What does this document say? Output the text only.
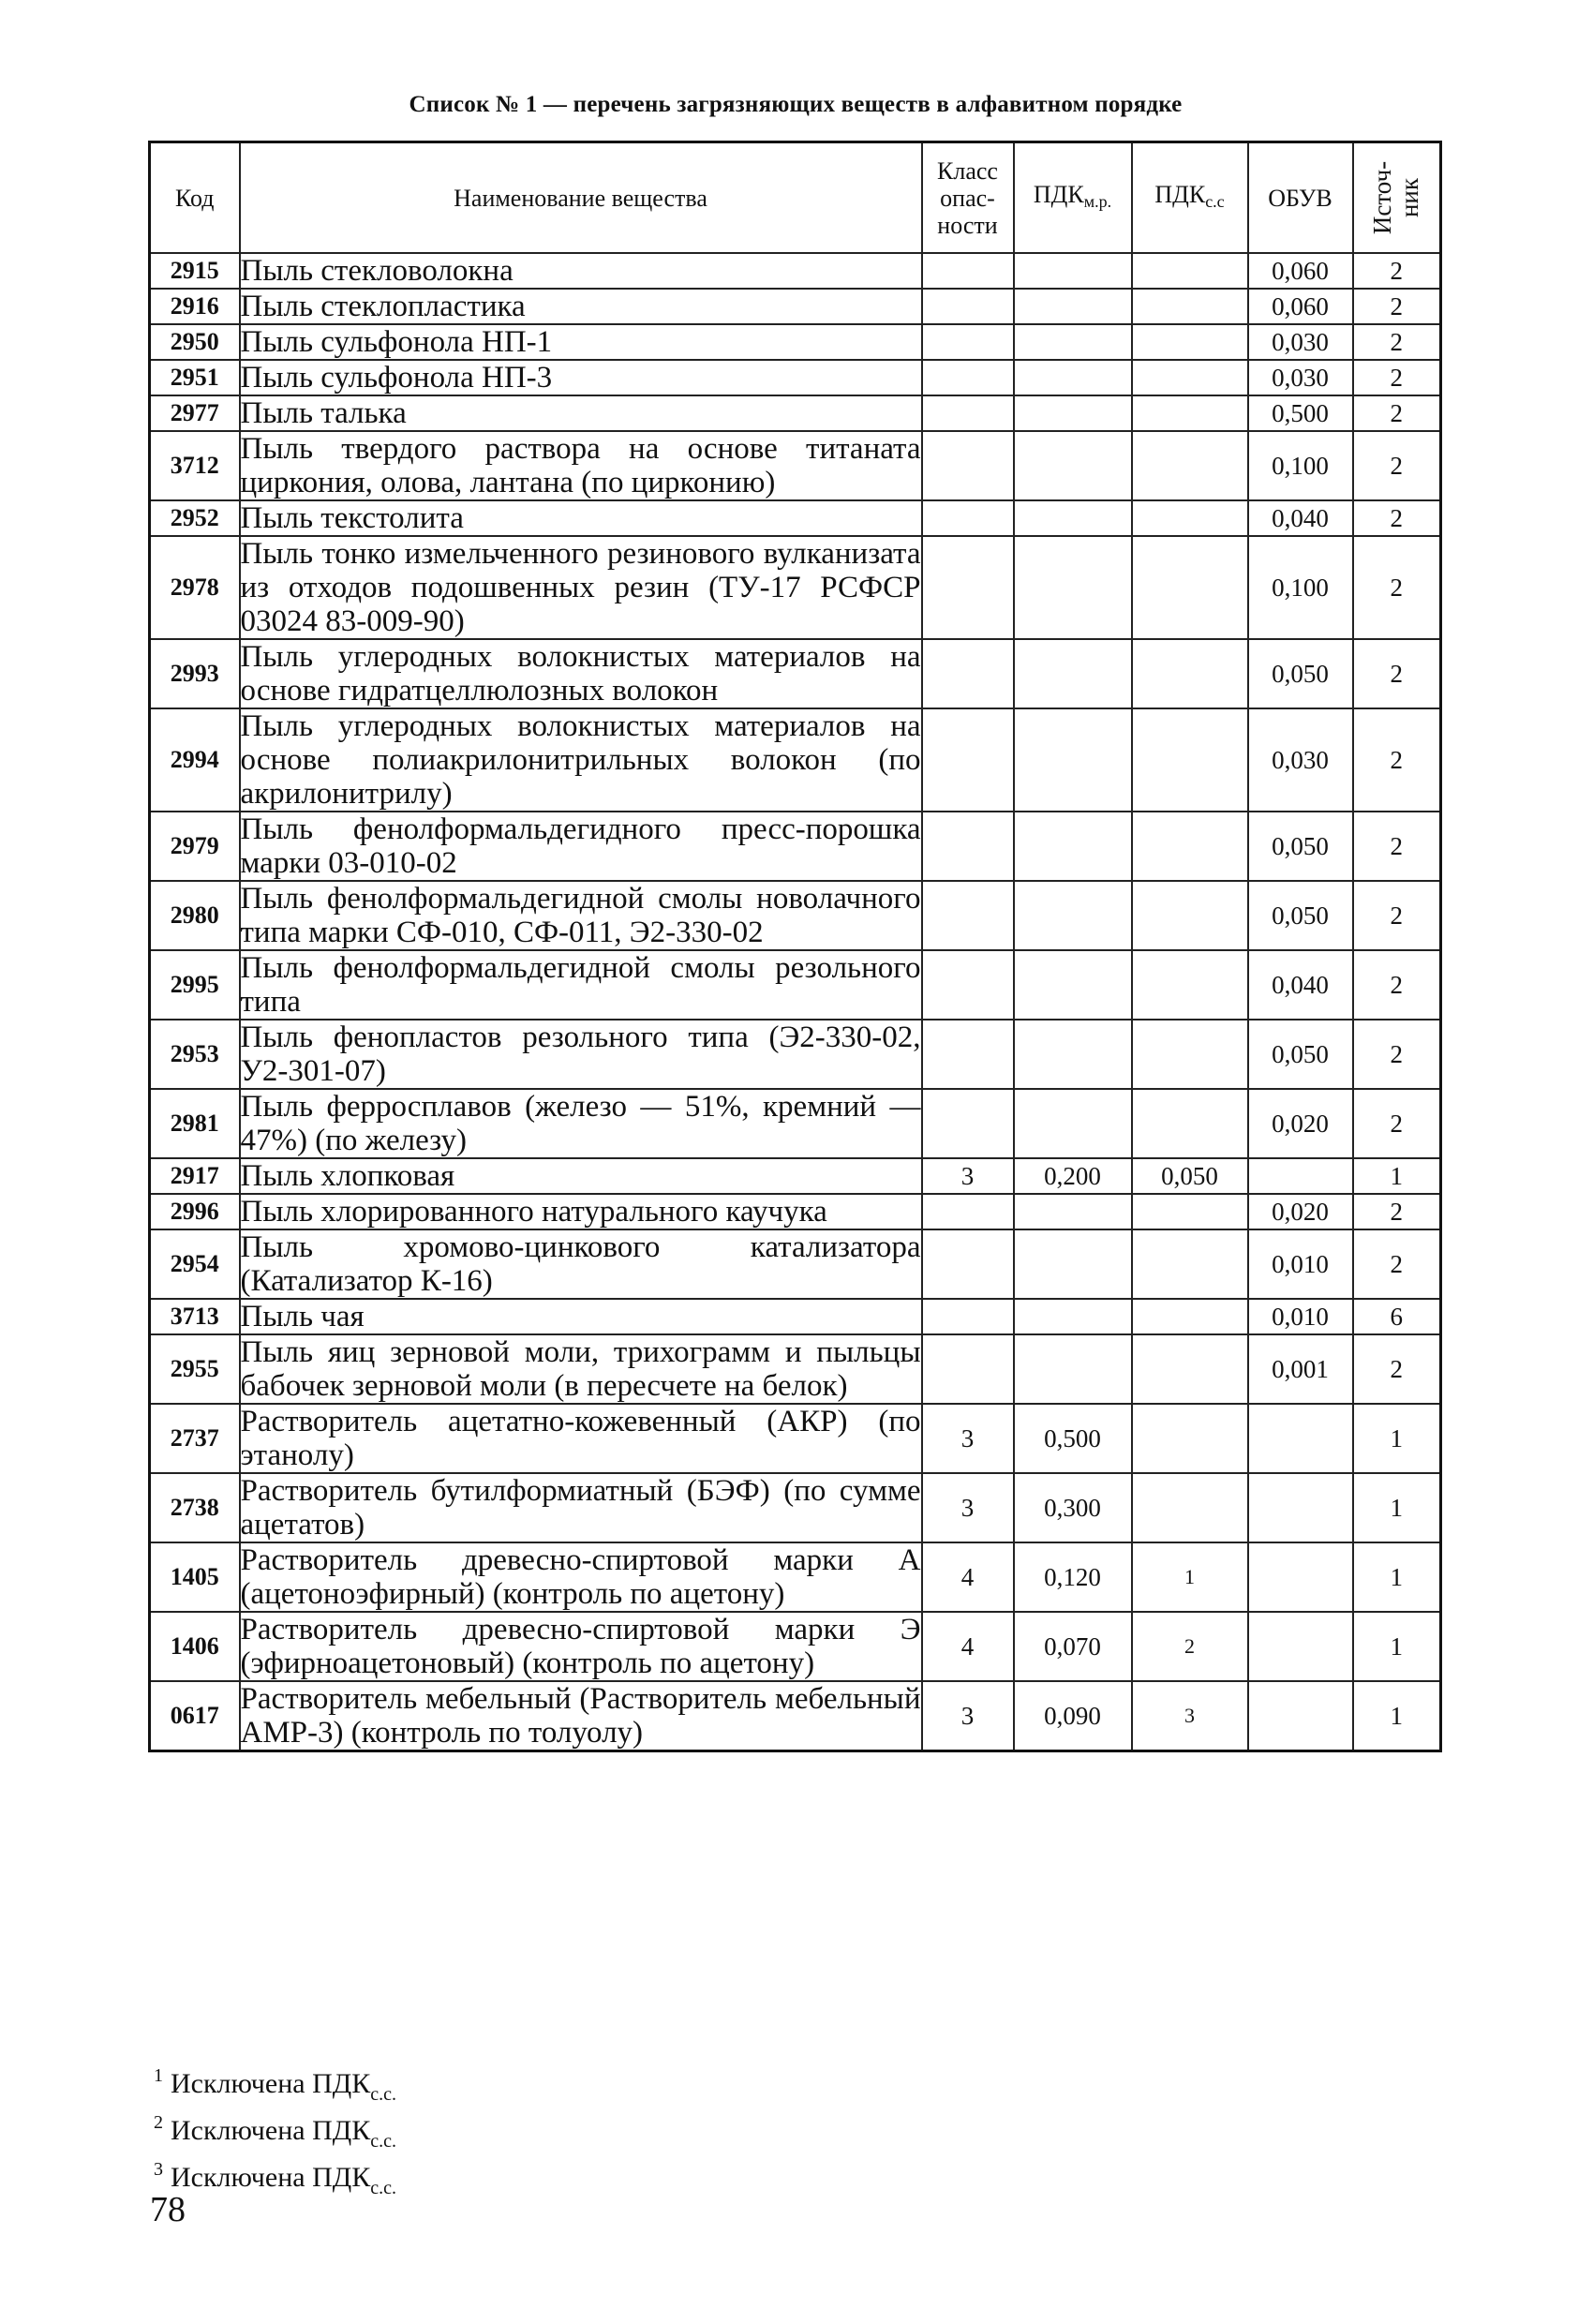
Список № 1 — перечень загрязняющих веществ в алфавитном порядке
Код	Наименование вещества	Класс
опас-
ности	$ПДК_{м.р.}$	$ПДК_{с.с}$	ОБУВ	Источ-
ник
2915	Пыль стекловолокна				0,060	2
2916	Пыль стеклопластика				0,060	2
2950	Пыль сульфонола НП-1				0,030	2
2951	Пыль сульфонола НП-3				0,030	2
2977	Пыль талька				0,500	2
3712	Пыль твердого раствора на основе титаната циркония, олова, лантана (по цирконию)				0,100	2
2952	Пыль текстолита				0,040	2
2978	Пыль тонко измельченного резинового вулканизата из отходов подошвенных резин (ТУ-17 РСФСР 03024 83-009-90)				0,100	2
2993	Пыль углеродных волокнистых материалов на основе гидратцеллюлозных волокон				0,050	2
2994	Пыль углеродных волокнистых материалов на основе полиакрилонитрильных волокон (по акрилонитрилу)				0,030	2
2979	Пыль фенолформальдегидного пресс-порошка марки 03-010-02				0,050	2
2980	Пыль фенолформальдегидной смолы новолачного типа марки СФ-010, СФ-011, Э2-330-02				0,050	2
2995	Пыль фенолформальдегидной смолы резольного типа				0,040	2
2953	Пыль фенопластов резольного типа (Э2-330-02, У2-301-07)				0,050	2
2981	Пыль ферросплавов (железо — 51%, кремний — 47%) (по железу)				0,020	2
2917	Пыль хлопковая	3	0,200	0,050		1
2996	Пыль хлорированного натурального каучука				0,020	2
2954	Пыль хромово-цинкового катализатора (Катализатор К-16)				0,010	2
3713	Пыль чая				0,010	6
2955	Пыль яиц зерновой моли, трихограмм и пыльцы бабочек зерновой моли (в пересчете на белок)				0,001	2
2737	Растворитель ацетатно-кожевенный (АКР) (по этанолу)	3	0,500			1
2738	Растворитель бутилформиатный (БЭФ) (по сумме ацетатов)	3	0,300			1
1405	Растворитель древесно-спиртовой марки А (ацетоноэфирный) (контроль по ацетону)	4	0,120	1		1
1406	Растворитель древесно-спиртовой марки Э (эфирноацетоновый) (контроль по ацетону)	4	0,070	2		1
0617	Растворитель мебельный (Растворитель мебельный АМР-3) (контроль по толуолу)	3	0,090	3		1
$^1$ Исключена $ПДК_{с.с.}$
$^2$ Исключена $ПДК_{с.с.}$
$^3$ Исключена $ПДК_{с.с.}$
78
